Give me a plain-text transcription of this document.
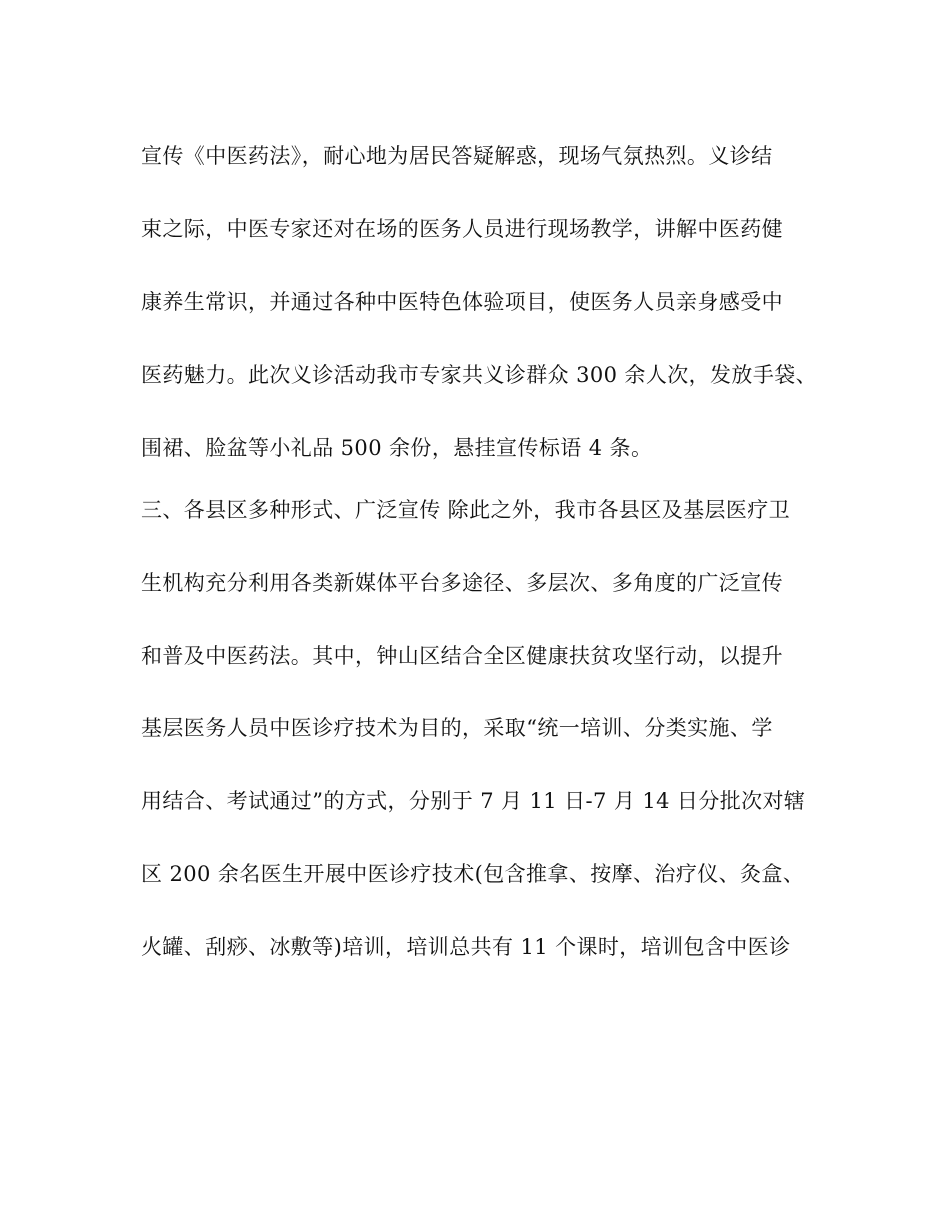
宣传《中医药法》，耐心地为居民答疑解惑，现场气氛热烈。义诊结
束之际，中医专家还对在场的医务人员进行现场教学，讲解中医药健
康养生常识，并通过各种中医特色体验项目，使医务人员亲身感受中
医药魅力。此次义诊活动我市专家共义诊群众 300 余人次，发放手袋、
围裙、脸盆等小礼品 500 余份，悬挂宣传标语 4 条。
三、各县区多种形式、广泛宣传 除此之外，我市各县区及基层医疗卫
生机构充分利用各类新媒体平台多途径、多层次、多角度的广泛宣传
和普及中医药法。其中，钟山区结合全区健康扶贫攻坚行动，以提升
基层医务人员中医诊疗技术为目的，采取“统一培训、分类实施、学
用结合、考试通过”的方式，分别于 7 月 11 日-7 月 14 日分批次对辖
区 200 余名医生开展中医诊疗技术(包含推拿、按摩、治疗仪、灸盒、
火罐、刮痧、冰敷等)培训，培训总共有 11 个课时，培训包含中医诊
